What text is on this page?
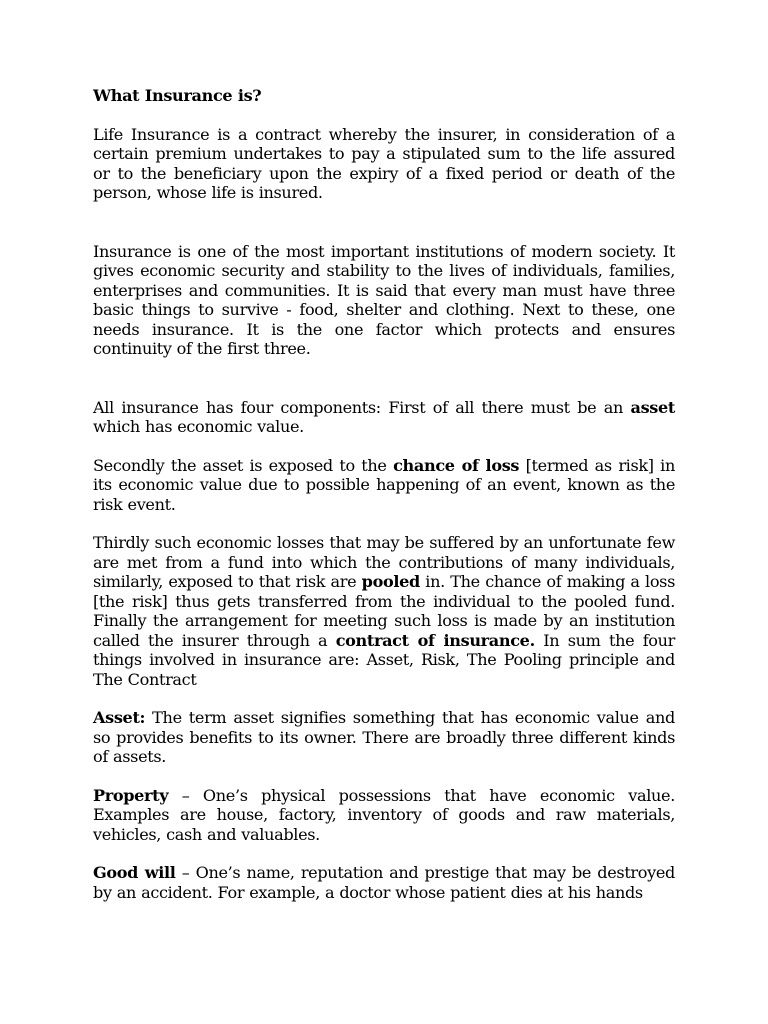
What Insurance is?

Life Insurance is a contract whereby the insurer, in consideration of a certain premium undertakes to pay a stipulated sum to the life assured or to the beneficiary upon the expiry of a fixed period or death of the person, whose life is insured.

Insurance is one of the most important institutions of modern society. It gives economic security and stability to the lives of individuals, families, enterprises and communities. It is said that every man must have three basic things to survive - food, shelter and clothing. Next to these, one needs insurance. It is the one factor which protects and ensures continuity of the first three.

All insurance has four components: First of all there must be an asset which has economic value.

Secondly the asset is exposed to the chance of loss [termed as risk] in its economic value due to possible happening of an event, known as the risk event.

Thirdly such economic losses that may be suffered by an unfortunate few are met from a fund into which the contributions of many individuals, similarly, exposed to that risk are pooled in. The chance of making a loss [the risk] thus gets transferred from the individual to the pooled fund. Finally the arrangement for meeting such loss is made by an institution called the insurer through a contract of insurance. In sum the four things involved in insurance are: Asset, Risk, The Pooling principle and The Contract

Asset: The term asset signifies something that has economic value and so provides benefits to its owner. There are broadly three different kinds of assets.

Property – One’s physical possessions that have economic value. Examples are house, factory, inventory of goods and raw materials, vehicles, cash and valuables.

Good will – One’s name, reputation and prestige that may be destroyed by an accident. For example, a doctor whose patient dies at his hands
